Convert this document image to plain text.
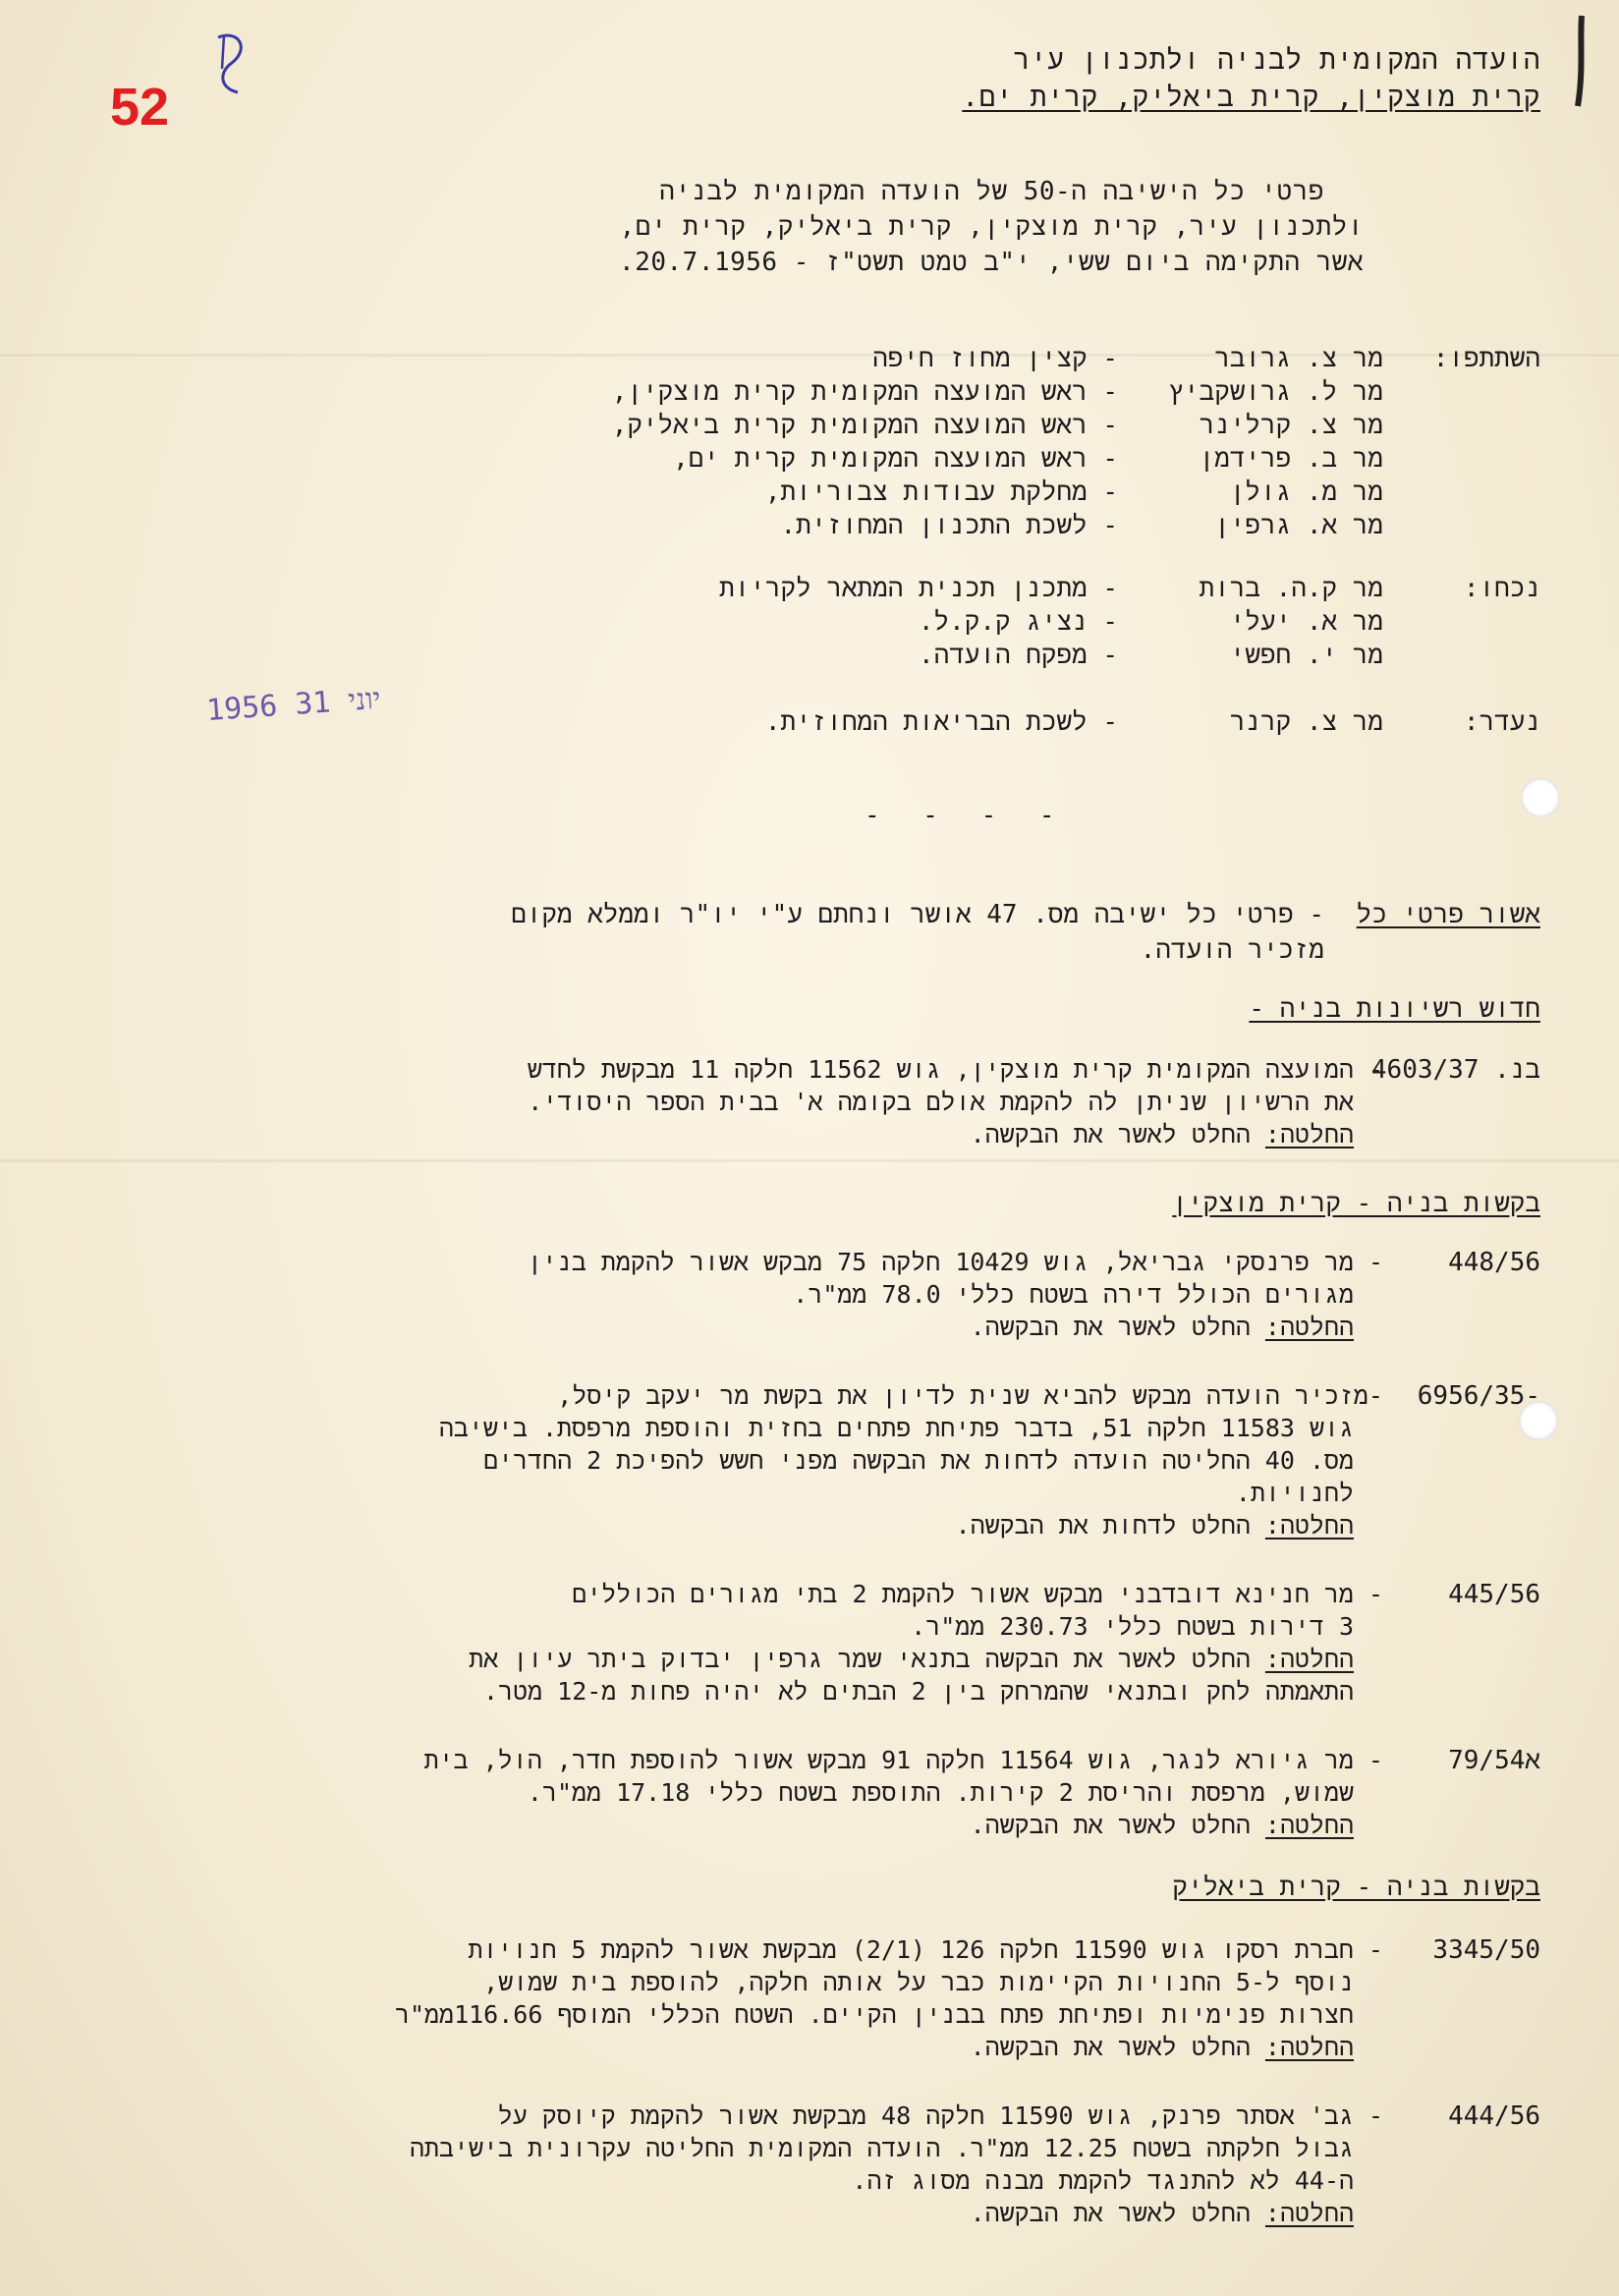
52
הועדה המקומית לבניה ולתכנון עיר
קרית מוצקין, קרית ביאליק, קרית ים.
פרטי כל הישיבה ה-50 של הועדה המקומית לבניה
ולתכנון עיר, קרית מוצקין, קרית ביאליק, קרית ים,
אשר התקימה ביום ששי, י"ב טמט תשט"ז - 20.7.1956.
השתתפו:
מר צ. גרובר
- קצין מחוז חיפה
מר ל. גרושקביץ
- ראש המועצה המקומית קרית מוצקין,
מר צ. קרלינר
- ראש המועצה המקומית קרית ביאליק,
מר ב. פרידמן
- ראש המועצה המקומית קרית ים,
מר מ. גולן
- מחלקת עבודות צבוריות,
מר א. גרפין
- לשכת התכנון המחוזית.
נכחו:
מר ק.ה. ברות
- מתכנן תכנית המתאר לקריות
מר א. יעלי
- נציג ק.ק.ל.
מר י. חפשי
- מפקח הועדה.
נעדר:
מר צ. קרנר
- לשכת הבריאות המחוזית.
1956 יוני 31
- - - -
אשור פרטי כל
- פרטי כל ישיבה מס. 47 אושר ונחתם ע"י יו"ר וממלא מקום
מזכיר הועדה.
חדוש רשיונות בניה -
בנ. 4603/37
- המועצה המקומית קרית מוצקין, גוש 11562 חלקה 11 מבקשת לחדש
את הרשיון שניתן לה להקמת אולם בקומה א' בבית הספר היסודי.
החלטה: החלט לאשר את הבקשה.
בקשות בניה - קרית מוצקין
448/56
- מר פרנסקי גבריאל, גוש 10429 חלקה 75 מבקש אשור להקמת בנין
מגורים הכולל דירה בשטח כללי 78.0 ממ"ר.
החלטה: החלט לאשר את הבקשה.
6956/35-
-מזכיר הועדה מבקש להביא שנית לדיון את בקשת מר יעקב קיסל,
גוש 11583 חלקה 51, בדבר פתיחת פתחים בחזית והוספת מרפסת. בישיבה
מס. 40 החליטה הועדה לדחות את הבקשה מפני חשש להפיכת 2 החדרים
לחנויות.
החלטה: החלט לדחות את הבקשה.
445/56
- מר חנינא דובדבני מבקש אשור להקמת 2 בתי מגורים הכוללים
3 דירות בשטח כללי 230.73 ממ"ר.
החלטה: החלט לאשר את הבקשה בתנאי שמר גרפין יבדוק ביתר עיון את
התאמתה לחק ובתנאי שהמרחק בין 2 הבתים לא יהיה פחות מ-12 מטר.
79/54א
- מר גיורא לנגר, גוש 11564 חלקה 91 מבקש אשור להוספת חדר, הול, בית
שמוש, מרפסת והריסת 2 קירות. התוספת בשטח כללי 17.18 ממ"ר.
החלטה: החלט לאשר את הבקשה.
בקשות בניה - קרית ביאליק
3345/50
- חברת רסקו גוש 11590 חלקה 126 (2/1) מבקשת אשור להקמת 5 חנויות
נוסף ל-5 החנויות הקיימות כבר על אותה חלקה, להוספת בית שמוש,
חצרות פנימיות ופתיחת פתח בבנין הקיים. השטח הכללי המוסף 116.66ממ"ר
החלטה: החלט לאשר את הבקשה.
444/56
- גב' אסתר פרנק, גוש 11590 חלקה 48 מבקשת אשור להקמת קיוסק על
גבול חלקתה בשטח 12.25 ממ"ר. הועדה המקומית החליטה עקרונית בישיבתה
ה-44 לא להתנגד להקמת מבנה מסוג זה.
החלטה: החלט לאשר את הבקשה.
